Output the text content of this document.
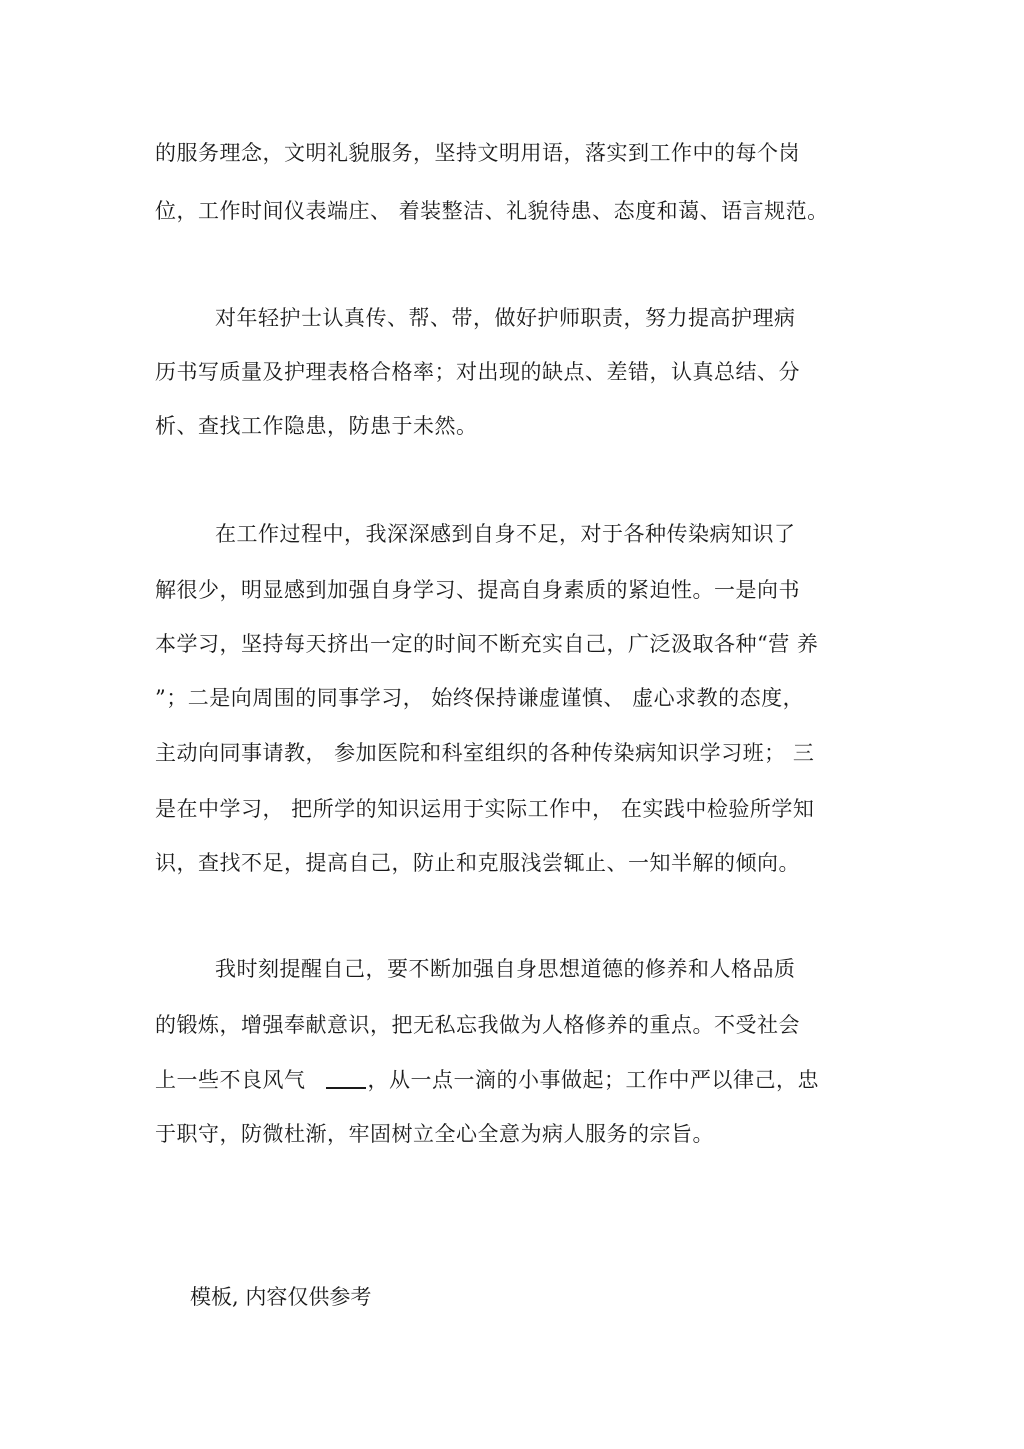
的服务理念，文明礼貌服务，坚持文明用语，落实到工作中的每个岗
位，工作时间仪表端庄、 着装整洁、礼貌待患、态度和蔼、语言规范。
对年轻护士认真传、帮、带，做好护师职责，努力提高护理病
历书写质量及护理表格合格率；对出现的缺点、差错，认真总结、分
析、查找工作隐患，防患于未然。
在工作过程中，我深深感到自身不足，对于各种传染病知识了
解很少，明显感到加强自身学习、提高自身素质的紧迫性。一是向书
本学习，坚持每天挤出一定的时间不断充实自己，广泛汲取各种“营 养
”；二是向周围的同事学习， 始终保持谦虚谨慎、 虚心求教的态度，
主动向同事请教， 参加医院和科室组织的各种传染病知识学习班； 三
是在中学习， 把所学的知识运用于实际工作中， 在实践中检验所学知
识，查找不足，提高自己，防止和克服浅尝辄止、一知半解的倾向。
我时刻提醒自己，要不断加强自身思想道德的修养和人格品质
的锻炼，增强奉献意识，把无私忘我做为人格修养的重点。不受社会
上一些不良风气	，从一点一滴的小事做起；工作中严以律己，忠
于职守，防微杜渐，牢固树立全心全意为病人服务的宗旨。
模板, 内容仅供参考
